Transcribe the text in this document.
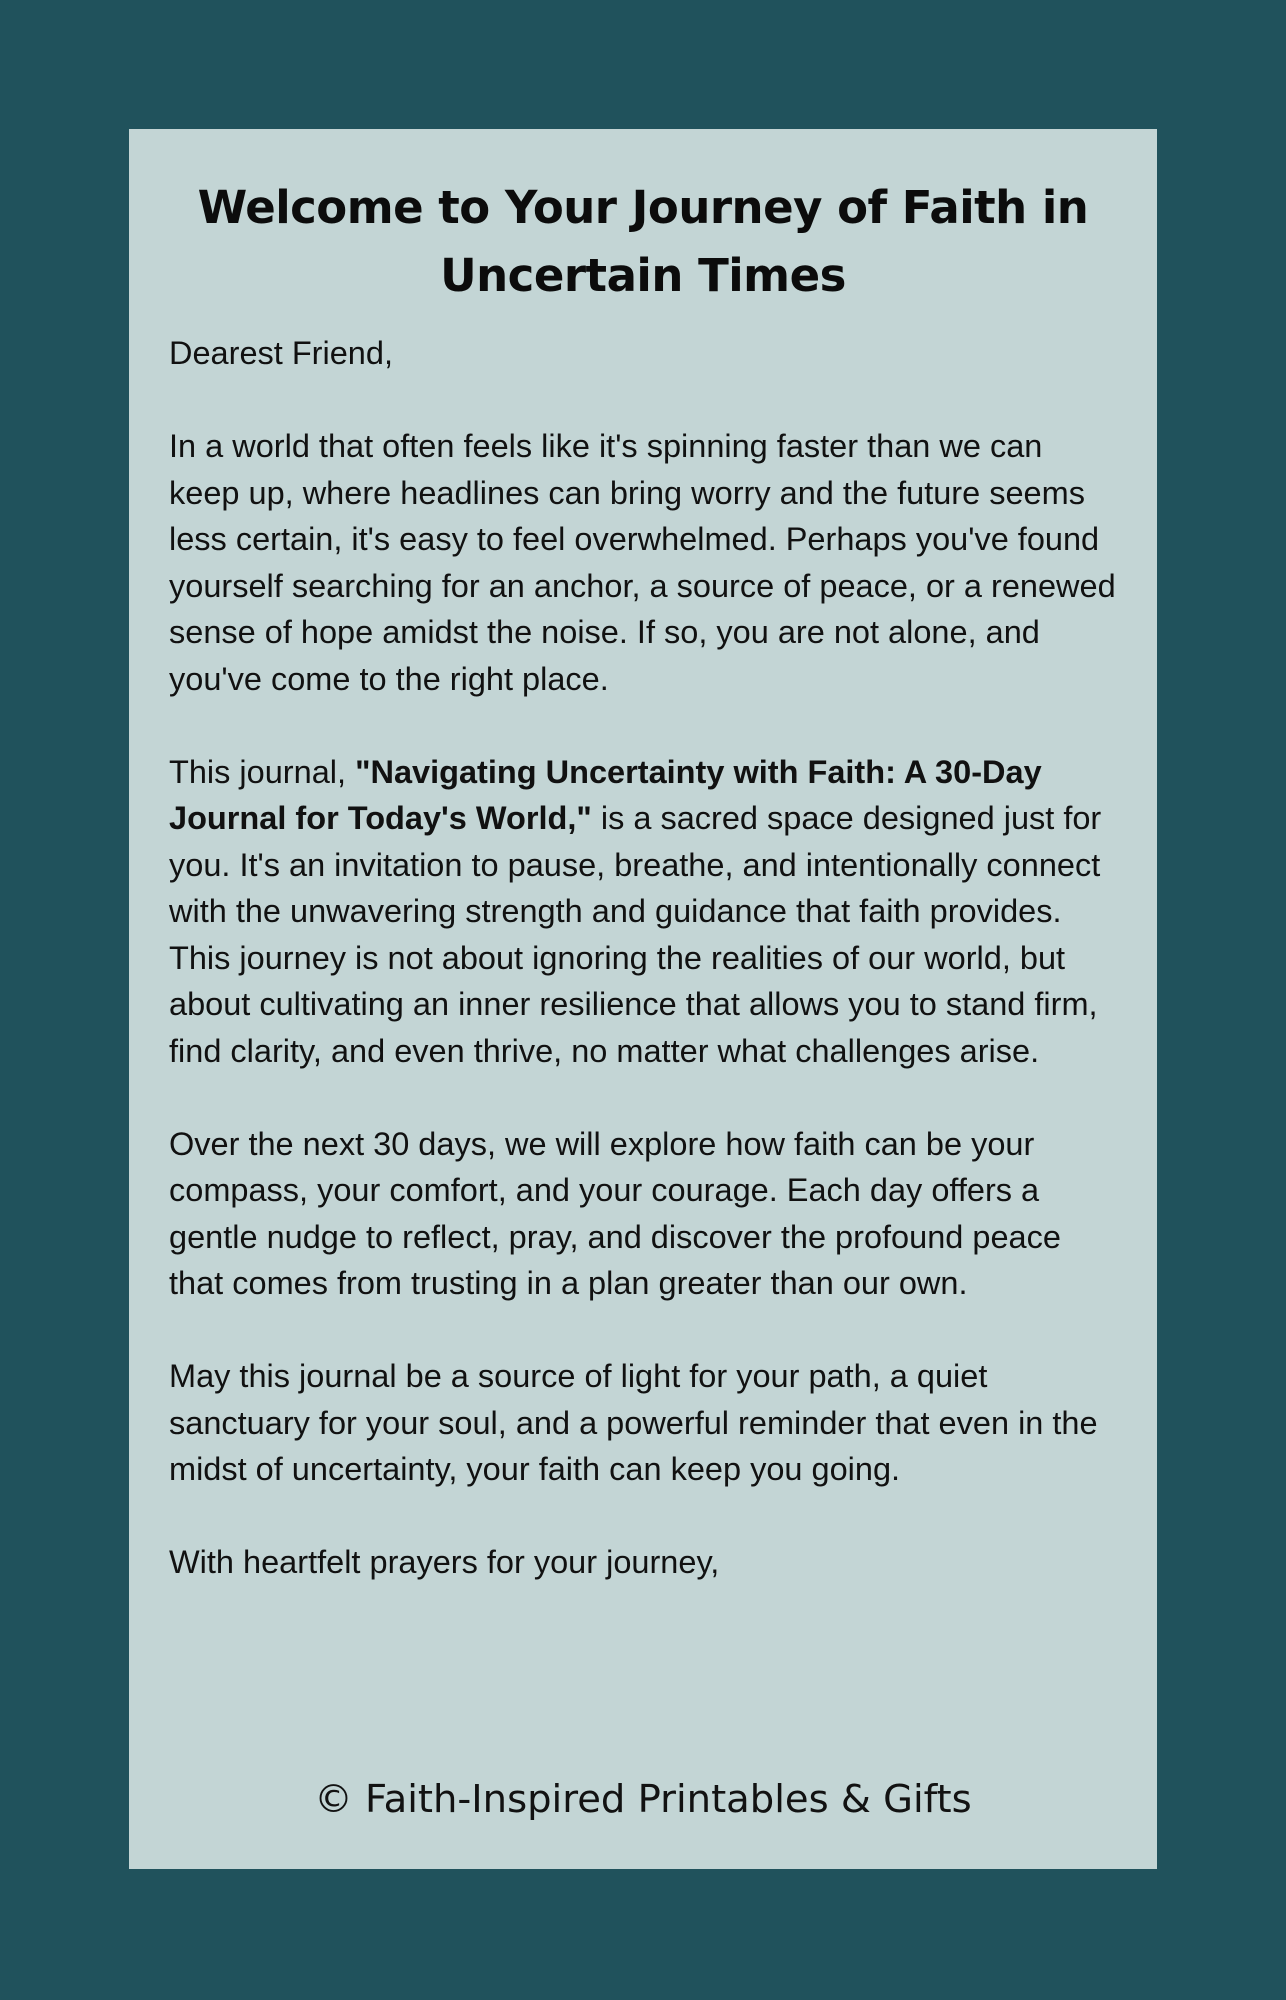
Welcome to Your Journey of Faith in Uncertain Times

Dearest Friend,

In a world that often feels like it's spinning faster than we can keep up, where headlines can bring worry and the future seems less certain, it's easy to feel overwhelmed. Perhaps you've found yourself searching for an anchor, a source of peace, or a renewed sense of hope amidst the noise. If so, you are not alone, and you've come to the right place.

This journal, "Navigating Uncertainty with Faith: A 30-Day Journal for Today's World," is a sacred space designed just for you. It's an invitation to pause, breathe, and intentionally connect with the unwavering strength and guidance that faith provides. This journey is not about ignoring the realities of our world, but about cultivating an inner resilience that allows you to stand firm, find clarity, and even thrive, no matter what challenges arise.

Over the next 30 days, we will explore how faith can be your compass, your comfort, and your courage. Each day offers a gentle nudge to reflect, pray, and discover the profound peace that comes from trusting in a plan greater than our own.

May this journal be a source of light for your path, a quiet sanctuary for your soul, and a powerful reminder that even in the midst of uncertainty, your faith can keep you going.

With heartfelt prayers for your journey,

© Faith-Inspired Printables & Gifts
